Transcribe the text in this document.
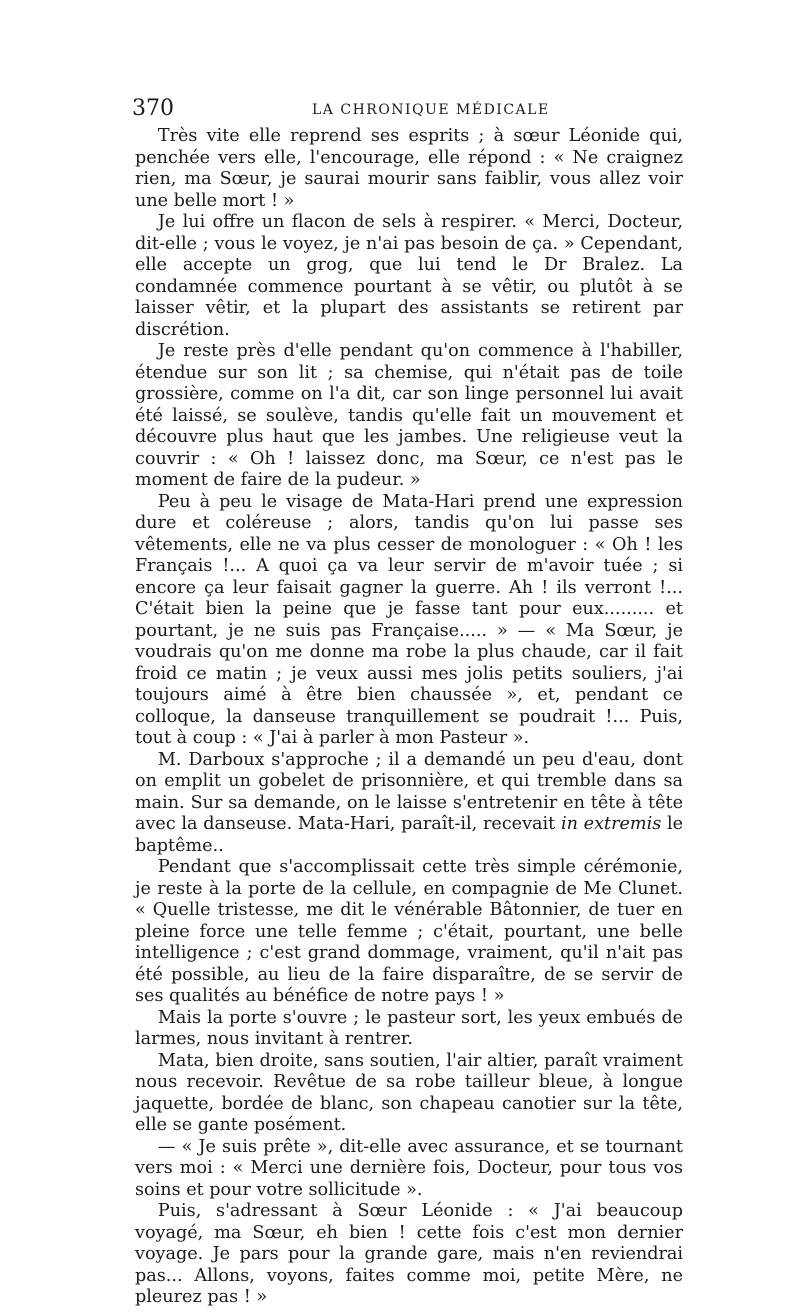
370	LA CHRONIQUE MÉDICALE

Très vite elle reprend ses esprits ; à sœur Léonide qui, penchée vers elle, l'encourage, elle répond : « Ne craignez rien, ma Sœur, je saurai mourir sans faiblir, vous allez voir une belle mort ! »

Je lui offre un flacon de sels à respirer. « Merci, Docteur, dit-elle ; vous le voyez, je n'ai pas besoin de ça. » Cependant, elle accepte un grog, que lui tend le Dr Bralez. La condamnée commence pourtant à se vêtir, ou plutôt à se laisser vêtir, et la plupart des assistants se retirent par discrétion.

Je reste près d'elle pendant qu'on commence à l'habiller, étendue sur son lit ; sa chemise, qui n'était pas de toile grossière, comme on l'a dit, car son linge personnel lui avait été laissé, se soulève, tandis qu'elle fait un mouvement et découvre plus haut que les jambes. Une religieuse veut la couvrir : « Oh ! laissez donc, ma Sœur, ce n'est pas le moment de faire de la pudeur. »

Peu à peu le visage de Mata-Hari prend une expression dure et coléreuse ; alors, tandis qu'on lui passe ses vêtements, elle ne va plus cesser de monologuer : « Oh ! les Français !... A quoi ça va leur servir de m'avoir tuée ; si encore ça leur faisait gagner la guerre. Ah ! ils verront !... C'était bien la peine que je fasse tant pour eux......... et pourtant, je ne suis pas Française..... » — « Ma Sœur, je voudrais qu'on me donne ma robe la plus chaude, car il fait froid ce matin ; je veux aussi mes jolis petits souliers, j'ai toujours aimé à être bien chaussée », et, pendant ce colloque, la danseuse tranquillement se poudrait !... Puis, tout à coup : « J'ai à parler à mon Pasteur ».

M. Darboux s'approche ; il a demandé un peu d'eau, dont on emplit un gobelet de prisonnière, et qui tremble dans sa main. Sur sa demande, on le laisse s'entretenir en tête à tête avec la danseuse. Mata-Hari, paraît-il, recevait in extremis le baptême..

Pendant que s'accomplissait cette très simple cérémonie, je reste à la porte de la cellule, en compagnie de Me Clunet. « Quelle tristesse, me dit le vénérable Bâtonnier, de tuer en pleine force une telle femme ; c'était, pourtant, une belle intelligence ; c'est grand dommage, vraiment, qu'il n'ait pas été possible, au lieu de la faire disparaître, de se servir de ses qualités au bénéfice de notre pays ! »

Mais la porte s'ouvre ; le pasteur sort, les yeux embués de larmes, nous invitant à rentrer.

Mata, bien droite, sans soutien, l'air altier, paraît vraiment nous recevoir. Revêtue de sa robe tailleur bleue, à longue jaquette, bordée de blanc, son chapeau canotier sur la tête, elle se gante posément.

— « Je suis prête », dit-elle avec assurance, et se tournant vers moi : « Merci une dernière fois, Docteur, pour tous vos soins et pour votre sollicitude ».

Puis, s'adressant à Sœur Léonide : « J'ai beaucoup voyagé, ma Sœur, eh bien ! cette fois c'est mon dernier voyage. Je pars pour la grande gare, mais n'en reviendrai pas... Allons, voyons, faites comme moi, petite Mère, ne pleurez pas ! »
